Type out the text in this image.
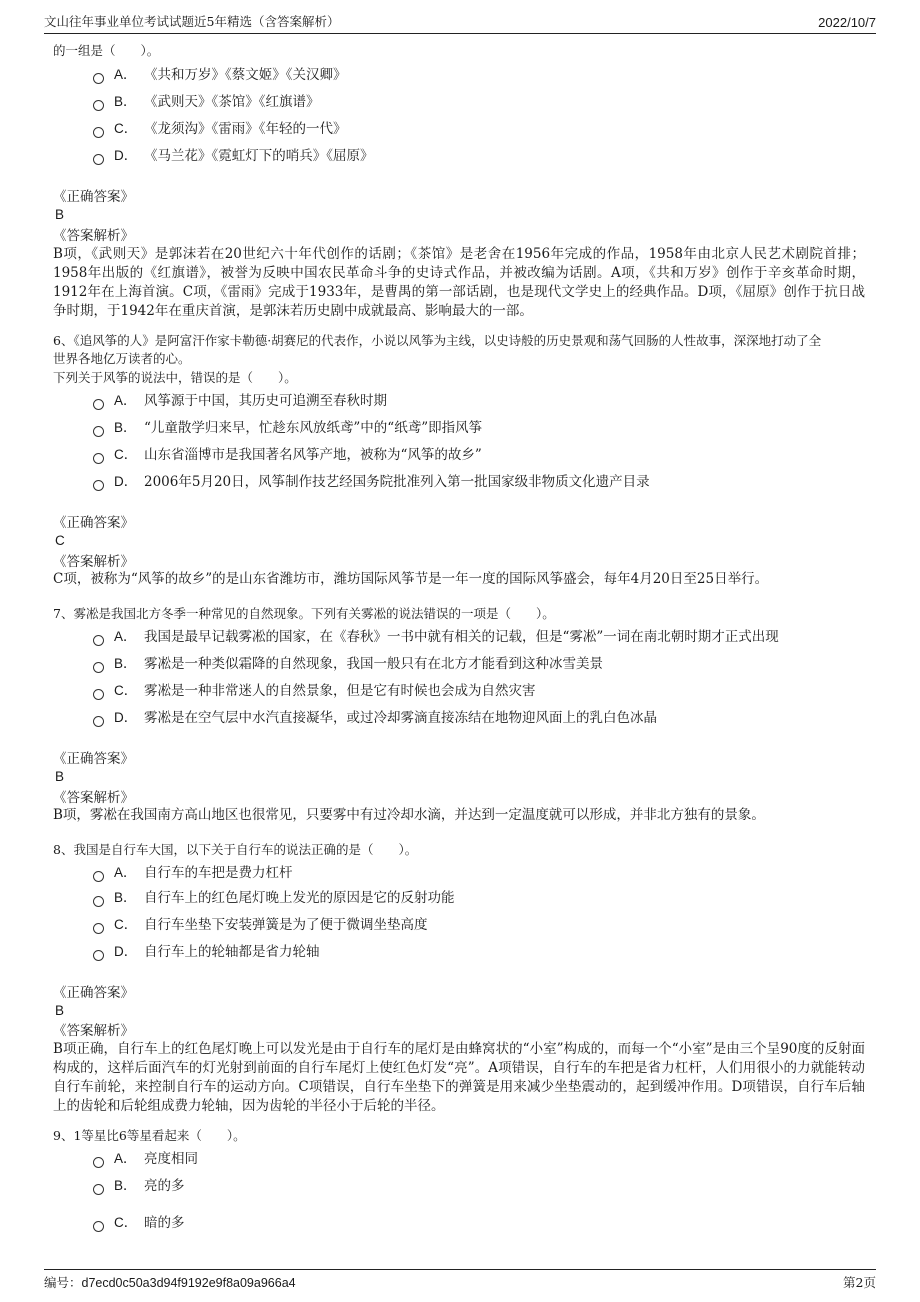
文山往年事业单位考试试题近5年精选（含答案解析）	2022/10/7
的一组是（　　）。
A． 《共和万岁》《蔡文姬》《关汉卿》
B． 《武则天》《茶馆》《红旗谱》
C． 《龙须沟》《雷雨》《年轻的一代》
D． 《马兰花》《霓虹灯下的哨兵》《屈原》
《正确答案》
B
《答案解析》
B项，《武则天》是郭沫若在20世纪六十年代创作的话剧；《茶馆》是老舍在1956年完成的作品，1958年由北京人民艺术剧院首排；1958年出版的《红旗谱》，被誉为反映中国农民革命斗争的史诗式作品，并被改编为话剧。A项，《共和万岁》创作于辛亥革命时期，1912年在上海首演。C项，《雷雨》完成于1933年，是曹禺的第一部话剧，也是现代文学史上的经典作品。D项，《屈原》创作于抗日战争时期，于1942年在重庆首演，是郭沫若历史剧中成就最高、影响最大的一部。
6、《追风筝的人》是阿富汗作家卡勒德·胡赛尼的代表作，小说以风筝为主线，以史诗般的历史景观和荡气回肠的人性故事，深深地打动了全
世界各地亿万读者的心。
下列关于风筝的说法中，错误的是（　　）。
A． 风筝源于中国，其历史可追溯至春秋时期
B． “儿童散学归来早，忙趁东风放纸鸢”中的“纸鸢”即指风筝
C． 山东省淄博市是我国著名风筝产地，被称为“风筝的故乡”
D． 2006年5月20日，风筝制作技艺经国务院批准列入第一批国家级非物质文化遗产目录
《正确答案》
C
《答案解析》
C项，被称为“风筝的故乡”的是山东省潍坊市，潍坊国际风筝节是一年一度的国际风筝盛会，每年4月20日至25日举行。
7、雾凇是我国北方冬季一种常见的自然现象。下列有关雾凇的说法错误的一项是（　　）。
A． 我国是最早记载雾凇的国家，在《春秋》一书中就有相关的记载，但是“雾凇”一词在南北朝时期才正式出现
B． 雾凇是一种类似霜降的自然现象，我国一般只有在北方才能看到这种冰雪美景
C． 雾凇是一种非常迷人的自然景象，但是它有时候也会成为自然灾害
D． 雾凇是在空气层中水汽直接凝华，或过冷却雾滴直接冻结在地物迎风面上的乳白色冰晶
《正确答案》
B
《答案解析》
B项，雾凇在我国南方高山地区也很常见，只要雾中有过冷却水滴，并达到一定温度就可以形成，并非北方独有的景象。
8、我国是自行车大国，以下关于自行车的说法正确的是（　　）。
A． 自行车的车把是费力杠杆
B． 自行车上的红色尾灯晚上发光的原因是它的反射功能
C． 自行车坐垫下安装弹簧是为了便于微调坐垫高度
D． 自行车上的轮轴都是省力轮轴
《正确答案》
B
《答案解析》
B项正确，自行车上的红色尾灯晚上可以发光是由于自行车的尾灯是由蜂窝状的“小室”构成的，而每一个“小室”是由三个呈90度的反射面构成的，这样后面汽车的灯光射到前面的自行车尾灯上使红色灯发“亮”。A项错误，自行车的车把是省力杠杆，人们用很小的力就能转动自行车前轮，来控制自行车的运动方向。C项错误，自行车坐垫下的弹簧是用来减少坐垫震动的，起到缓冲作用。D项错误，自行车后轴上的齿轮和后轮组成费力轮轴，因为齿轮的半径小于后轮的半径。
9、1等星比6等星看起来（　　）。
A． 亮度相同
B． 亮的多
C． 暗的多
编号：d7ecd0c50a3d94f9192e9f8a09a966a4	第2页
